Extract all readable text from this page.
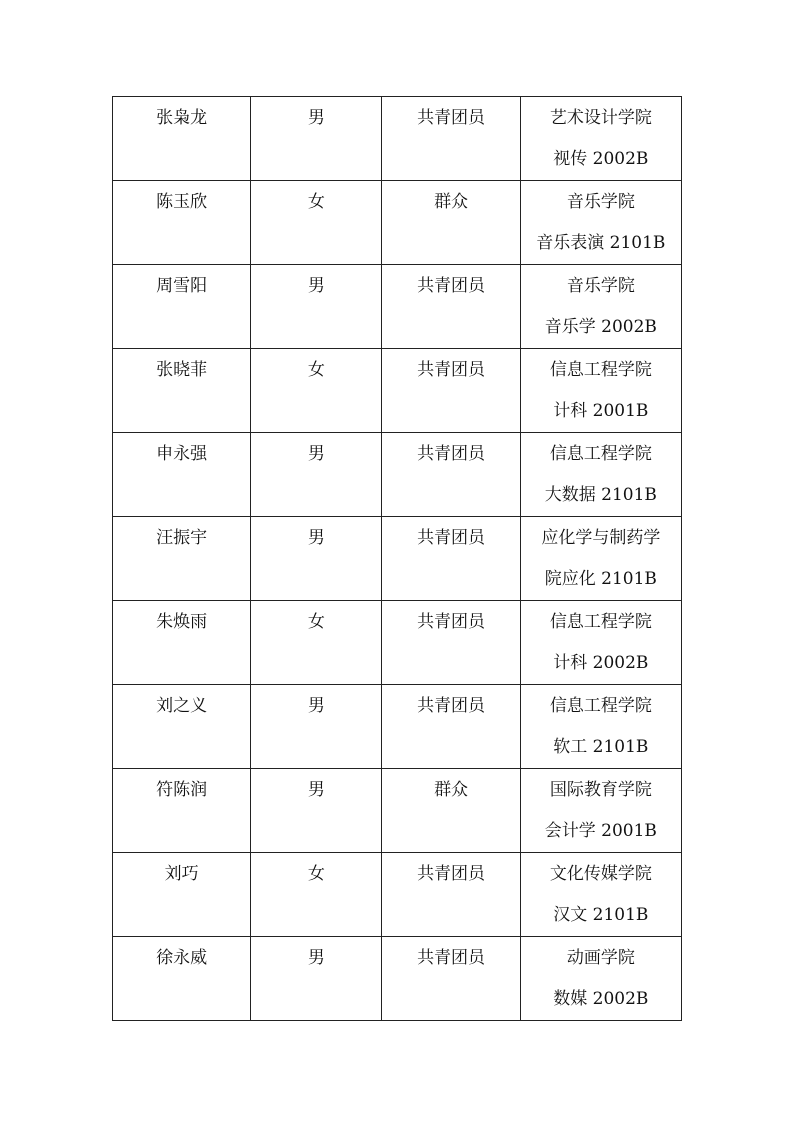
张枭龙	男	共青团员	艺术设计学院
视传 2002B

陈玉欣	女	群众	音乐学院
音乐表演 2101B

周雪阳	男	共青团员	音乐学院
音乐学 2002B

张晓菲	女	共青团员	信息工程学院
计科 2001B

申永强	男	共青团员	信息工程学院
大数据 2101B

汪振宇	男	共青团员	应化学与制药学
院应化 2101B

朱焕雨	女	共青团员	信息工程学院
计科 2002B

刘之义	男	共青团员	信息工程学院
软工 2101B

符陈润	男	群众	国际教育学院
会计学 2001B

刘巧	女	共青团员	文化传媒学院
汉文 2101B

徐永威	男	共青团员	动画学院
数媒 2002B
